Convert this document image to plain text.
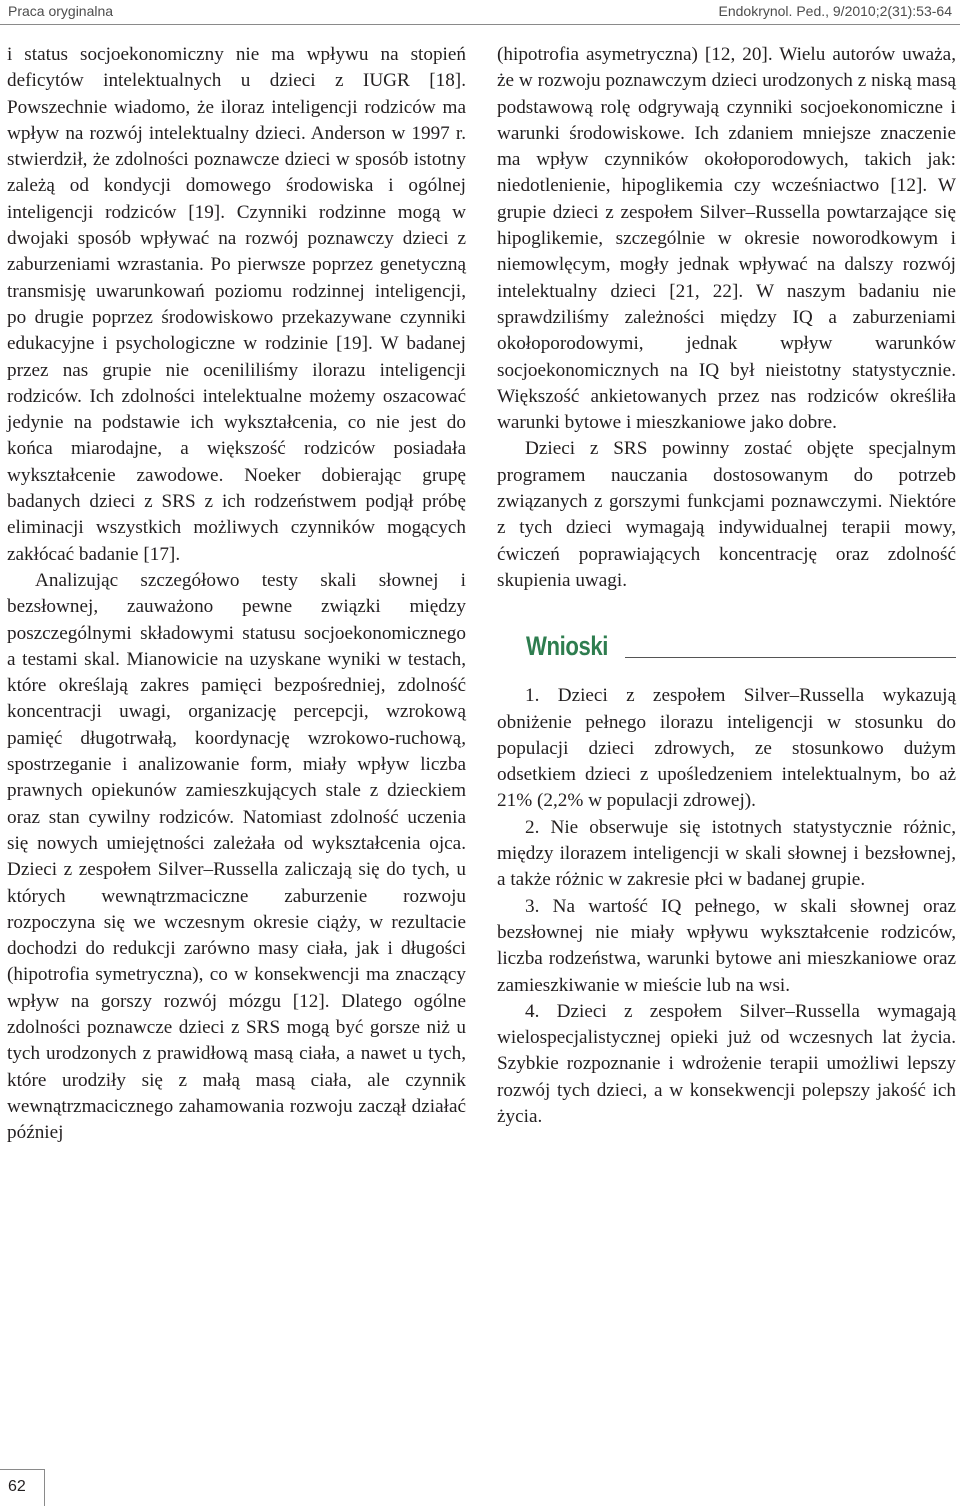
Praca oryginalna	Endokrynol. Ped., 9/2010;2(31):53-64

i status socjoekonomiczny nie ma wpływu na stopień deficytów intelektualnych u dzieci z IUGR [18]. Powszechnie wiadomo, że iloraz inteligencji rodziców ma wpływ na rozwój intelektualny dzieci. Anderson w 1997 r. stwierdził, że zdolności poznawcze dzieci w sposób istotny zależą od kondycji domowego środowiska i ogólnej inteligencji rodziców [19]. Czynniki rodzinne mogą w dwojaki sposób wpływać na rozwój poznawczy dzieci z zaburzeniami wzrastania. Po pierwsze poprzez genetyczną transmisję uwarunkowań poziomu rodzinnej inteligencji, po drugie poprzez środowiskowo przekazywane czynniki edukacyjne i psychologiczne w rodzinie [19]. W badanej przez nas grupie nie ocenililiśmy ilorazu inteligencji rodziców. Ich zdolności intelektualne możemy oszacować jedynie na podstawie ich wykształcenia, co nie jest do końca miarodajne, a większość rodziców posiadała wykształcenie zawodowe. Noeker dobierając grupę badanych dzieci z SRS z ich rodzeństwem podjął próbę eliminacji wszystkich możliwych czynników mogących zakłócać badanie [17].

Analizując szczegółowo testy skali słownej i bezsłownej, zauważono pewne związki między poszczególnymi składowymi statusu socjoekonomicznego a testami skal. Mianowicie na uzyskane wyniki w testach, które określają zakres pamięci bezpośredniej, zdolność koncentracji uwagi, organizację percepcji, wzrokową pamięć długotrwałą, koordynację wzrokowo-ruchową, spostrzeganie i analizowanie form, miały wpływ liczba prawnych opiekunów zamieszkujących stale z dzieckiem oraz stan cywilny rodziców. Natomiast zdolność uczenia się nowych umiejętności zależała od wykształcenia ojca. Dzieci z zespołem Silver–Russella zaliczają się do tych, u których wewnątrzmaciczne zaburzenie rozwoju rozpoczyna się we wczesnym okresie ciąży, w rezultacie dochodzi do redukcji zarówno masy ciała, jak i długości (hipotrofia symetryczna), co w konsekwencji ma znaczący wpływ na gorszy rozwój mózgu [12]. Dlatego ogólne zdolności poznawcze dzieci z SRS mogą być gorsze niż u tych urodzonych z prawidłową masą ciała, a nawet u tych, które urodziły się z małą masą ciała, ale czynnik wewnątrzmacicznego zahamowania rozwoju zaczął działać później

(hipotrofia asymetryczna) [12, 20]. Wielu autorów uważa, że w rozwoju poznawczym dzieci urodzonych z niską masą podstawową rolę odgrywają czynniki socjoekonomiczne i warunki środowiskowe. Ich zdaniem mniejsze znaczenie ma wpływ czynników okołoporodowych, takich jak: niedotlenienie, hipoglikemia czy wcześniactwo [12]. W grupie dzieci z zespołem Silver–Russella powtarzające się hipoglikemie, szczególnie w okresie noworodkowym i niemowlęcym, mogły jednak wpływać na dalszy rozwój intelektualny dzieci [21, 22]. W naszym badaniu nie sprawdziliśmy zależności między IQ a zaburzeniami okołoporodowymi, jednak wpływ warunków socjoekonomicznych na IQ był nieistotny statystycznie. Większość ankietowanych przez nas rodziców określiła warunki bytowe i mieszkaniowe jako dobre.

Dzieci z SRS powinny zostać objęte specjalnym programem nauczania dostosowanym do potrzeb związanych z gorszymi funkcjami poznawczymi. Niektóre z tych dzieci wymagają indywidualnej terapii mowy, ćwiczeń poprawiających koncentrację oraz zdolność skupienia uwagi.

Wnioski

1. Dzieci z zespołem Silver–Russella wykazują obniżenie pełnego ilorazu inteligencji w stosunku do populacji dzieci zdrowych, ze stosunkowo dużym odsetkiem dzieci z upośledzeniem intelektualnym, bo aż 21% (2,2% w populacji zdrowej).

2. Nie obserwuje się istotnych statystycznie różnic, między ilorazem inteligencji w skali słownej i bezsłownej, a także różnic w zakresie płci w badanej grupie.

3. Na wartość IQ pełnego, w skali słownej oraz bezsłownej nie miały wpływu wykształcenie rodziców, liczba rodzeństwa, warunki bytowe ani mieszkaniowe oraz zamieszkiwanie w mieście lub na wsi.

4. Dzieci z zespołem Silver–Russella wymagają wielospecjalistycznej opieki już od wczesnych lat życia. Szybkie rozpoznanie i wdrożenie terapii umożliwi lepszy rozwój tych dzieci, a w konsekwencji polepszy jakość ich życia.

62
